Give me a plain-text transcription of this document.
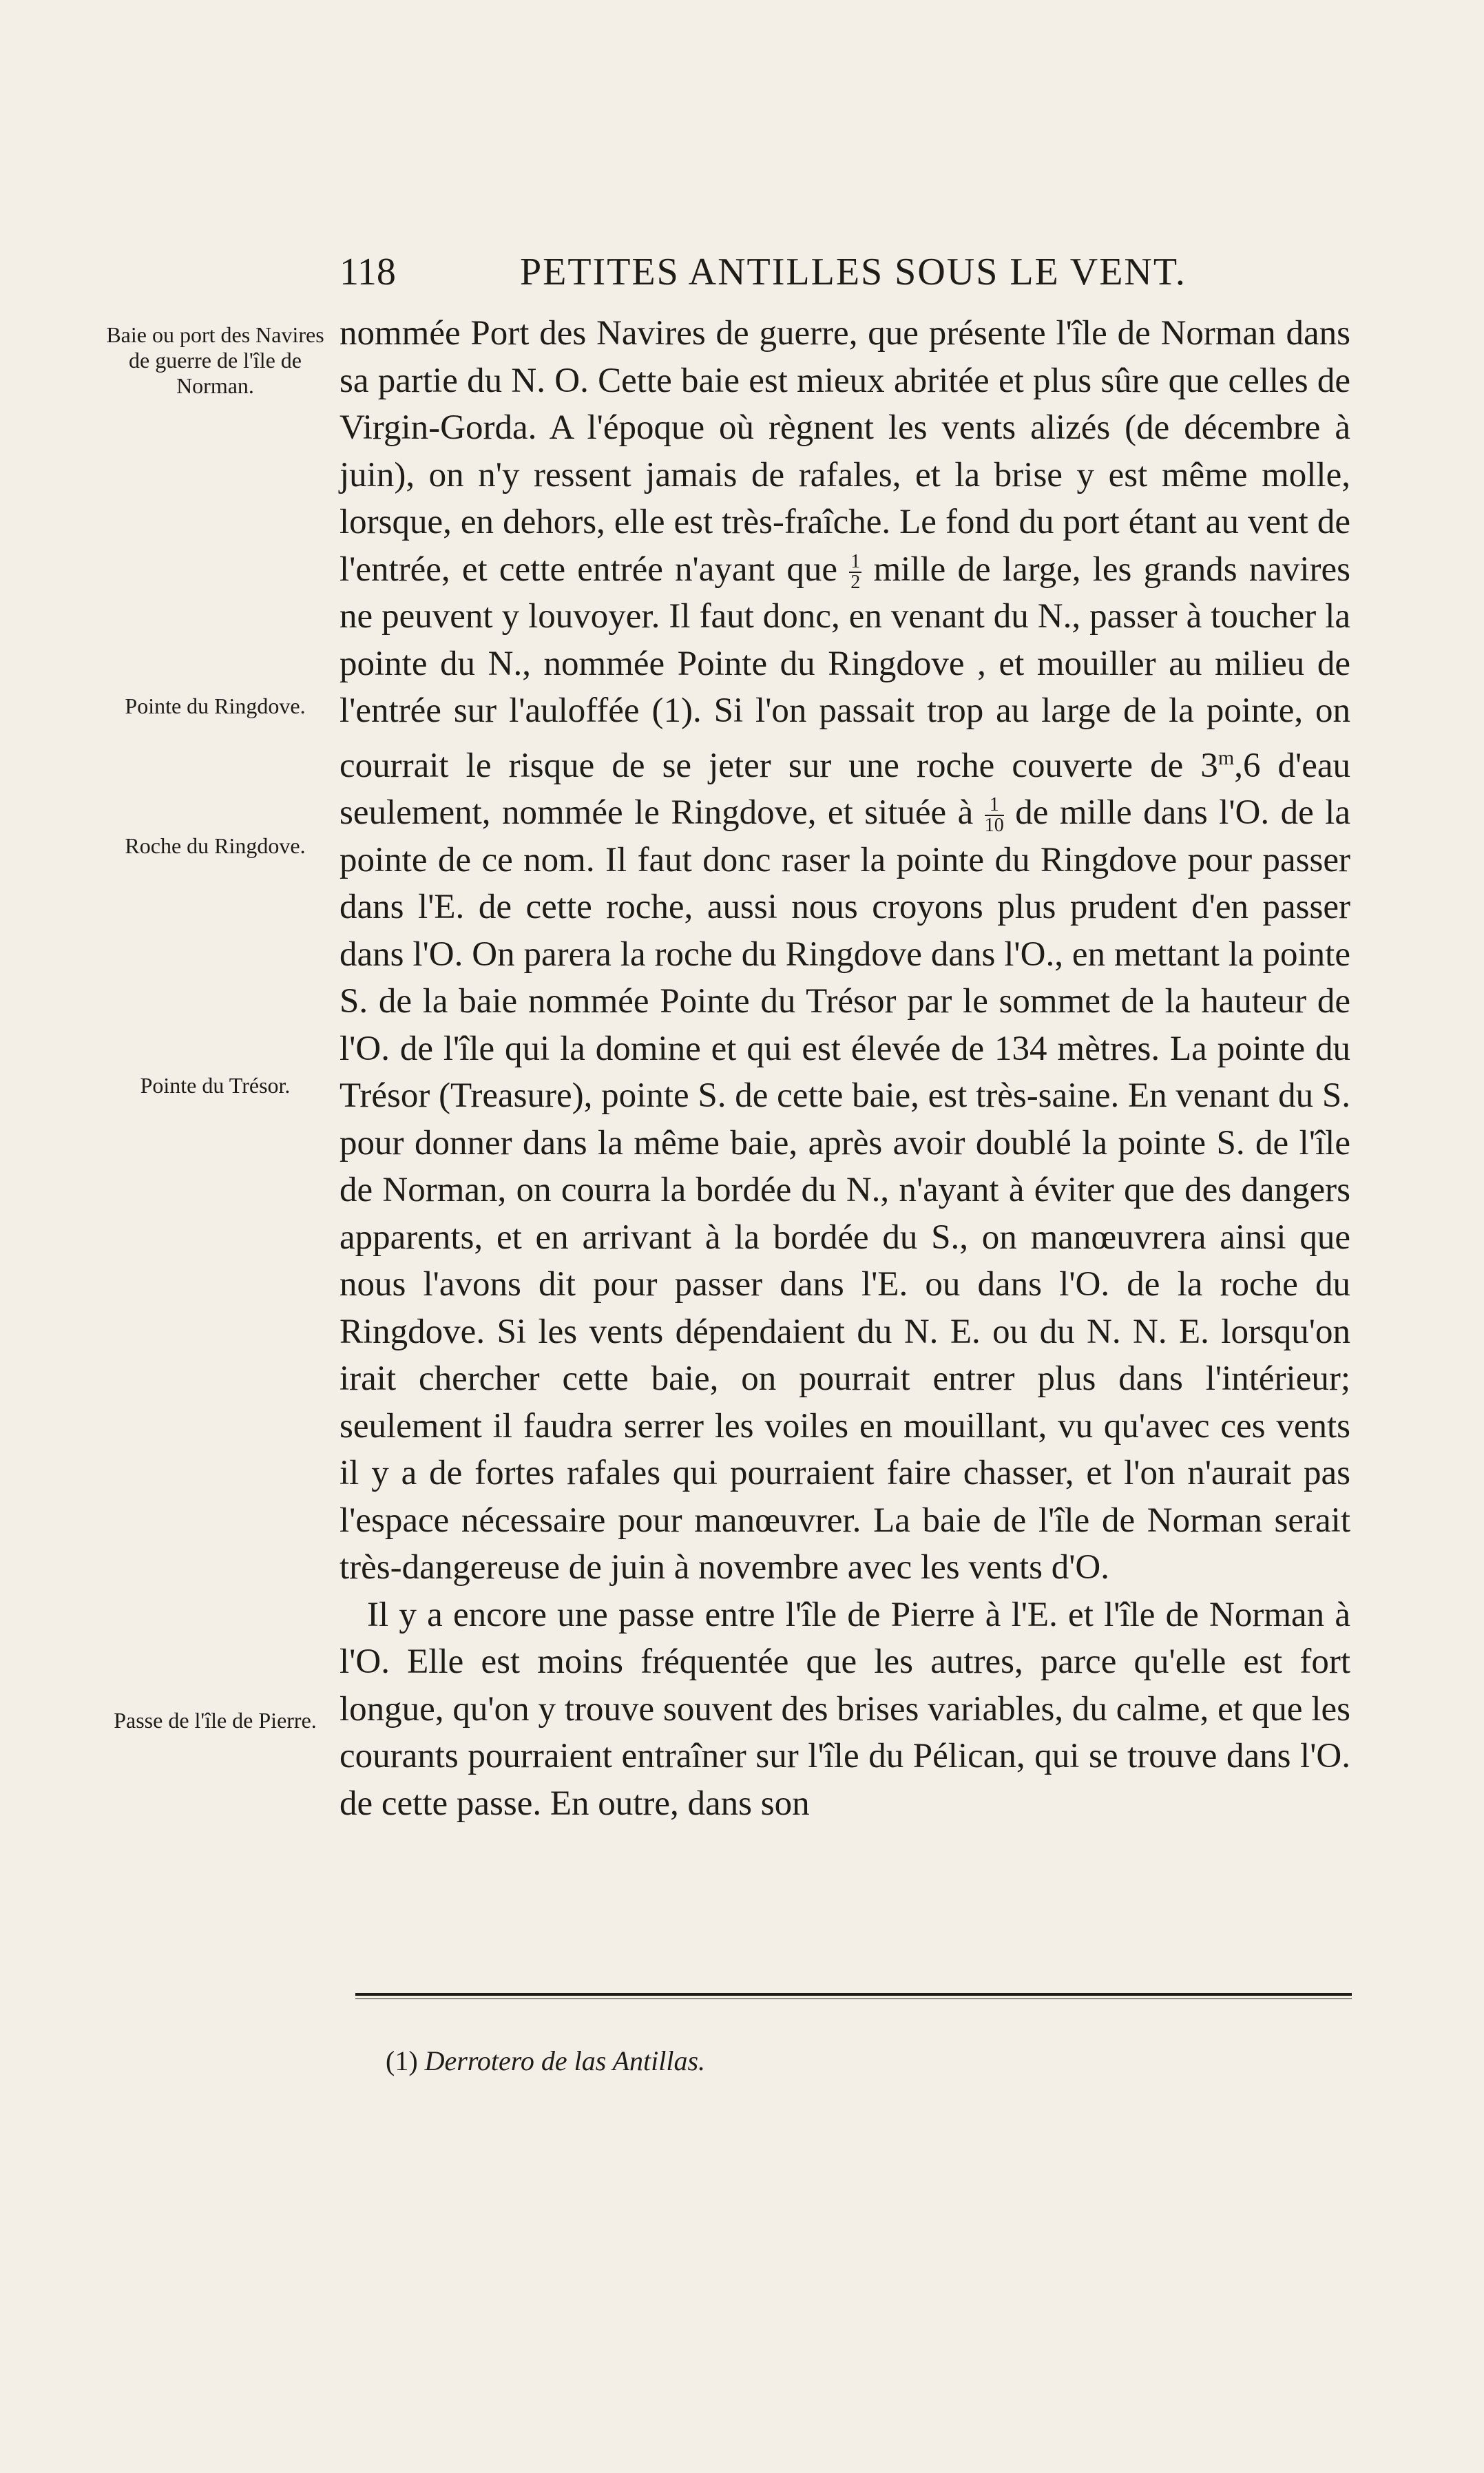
118	PETITES ANTILLES SOUS LE VENT.
Baie ou port des Navires de guerre de l'île de Norman.
Pointe du Ringdove.
Roche du Ringdove.
Pointe du Trésor.
Passe de l'île de Pierre.

nommée Port des Navires de guerre, que présente l'île de Norman dans sa partie du N. O. Cette baie est mieux abritée et plus sûre que celles de Virgin-Gorda. A l'époque où règnent les vents alizés (de décembre à juin), on n'y ressent jamais de rafales, et la brise y est même molle, lorsque, en dehors, elle est très-fraîche. Le fond du port étant au vent de l'entrée, et cette entrée n'ayant que $\frac{1}{2}$ mille de large, les grands navires ne peuvent y louvoyer. Il faut donc, en venant du N., passer à toucher la pointe du N., nommée Pointe du Ringdove , et mouiller au milieu de l'entrée sur l'auloffée (1). Si l'on passait trop au large de la pointe, on courrait le risque de se jeter sur une roche couverte de 3$^m$,6 d'eau seulement, nommée le Ringdove, et située à $\frac{1}{10}$ de mille dans l'O. de la pointe de ce nom. Il faut donc raser la pointe du Ringdove pour passer dans l'E. de cette roche, aussi nous croyons plus prudent d'en passer dans l'O. On parera la roche du Ringdove dans l'O., en mettant la pointe S. de la baie nommée Pointe du Trésor par le sommet de la hauteur de l'O. de l'île qui la domine et qui est élevée de 134 mètres. La pointe du Trésor (Treasure), pointe S. de cette baie, est très-saine. En venant du S. pour donner dans la même baie, après avoir doublé la pointe S. de l'île de Norman, on courra la bordée du N., n'ayant à éviter que des dangers apparents, et en arrivant à la bordée du S., on manœuvrera ainsi que nous l'avons dit pour passer dans l'E. ou dans l'O. de la roche du Ringdove. Si les vents dépendaient du N. E. ou du N. N. E. lorsqu'on irait chercher cette baie, on pourrait entrer plus dans l'intérieur; seulement il faudra serrer les voiles en mouillant, vu qu'avec ces vents il y a de fortes rafales qui pourraient faire chasser, et l'on n'aurait pas l'espace nécessaire pour manœuvrer. La baie de l'île de Norman serait très-dangereuse de juin à novembre avec les vents d'O.

Il y a encore une passe entre l'île de Pierre à l'E. et l'île de Norman à l'O. Elle est moins fréquentée que les autres, parce qu'elle est fort longue, qu'on y trouve souvent des brises variables, du calme, et que les courants pourraient entraîner sur l'île du Pélican, qui se trouve dans l'O. de cette passe. En outre, dans son

(1) Derrotero de las Antillas.
